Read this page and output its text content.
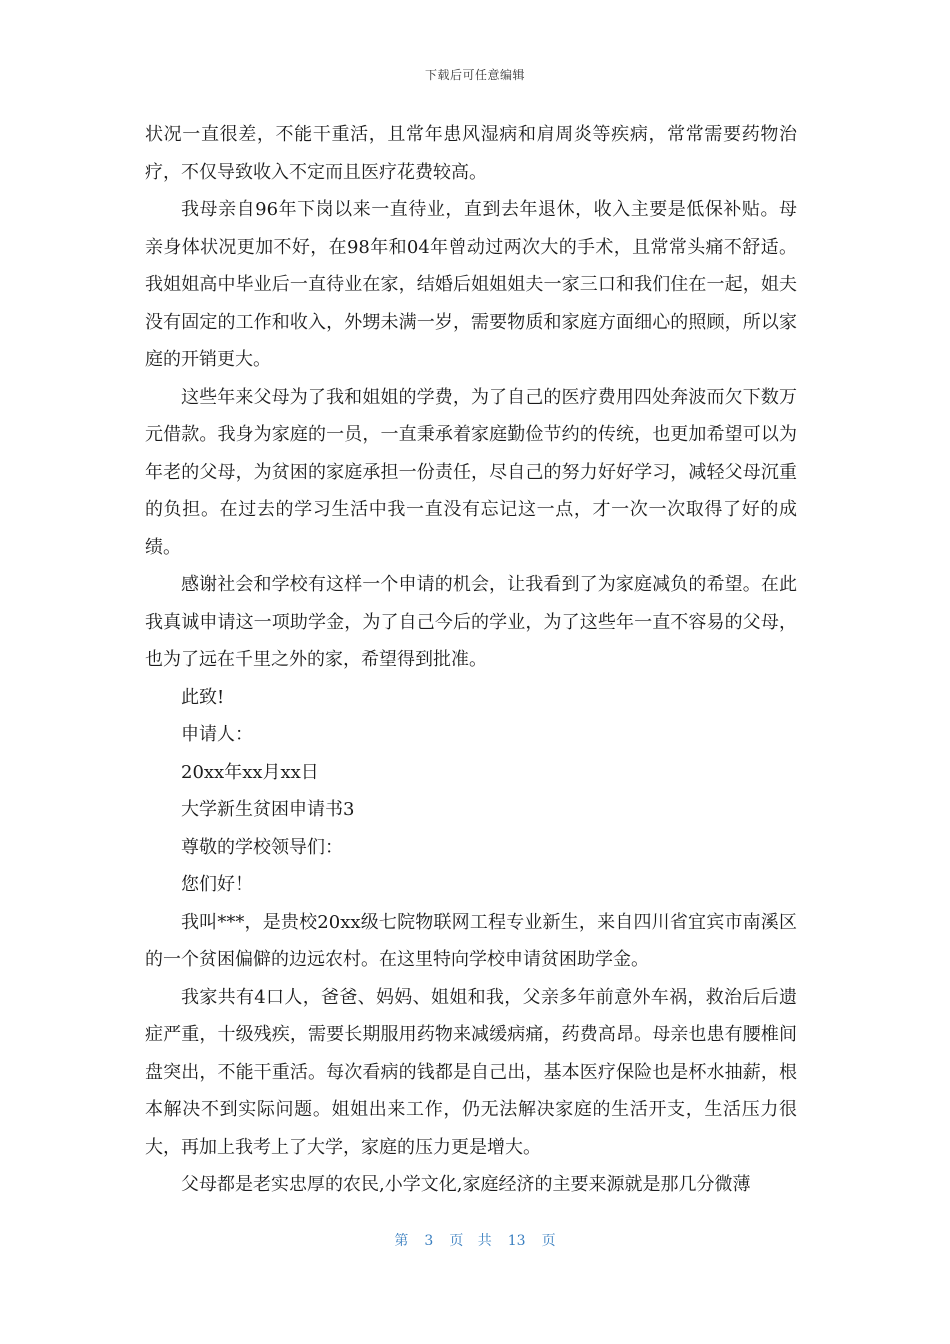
下载后可任意编辑

状况一直很差，不能干重活，且常年患风湿病和肩周炎等疾病，常常需要药物治疗，不仅导致收入不定而且医疗花费较高。

我母亲自96年下岗以来一直待业，直到去年退休，收入主要是低保补贴。母亲身体状况更加不好，在98年和04年曾动过两次大的手术，且常常头痛不舒适。我姐姐高中毕业后一直待业在家，结婚后姐姐姐夫一家三口和我们住在一起，姐夫没有固定的工作和收入，外甥未满一岁，需要物质和家庭方面细心的照顾，所以家庭的开销更大。

这些年来父母为了我和姐姐的学费，为了自己的医疗费用四处奔波而欠下数万元借款。我身为家庭的一员，一直秉承着家庭勤俭节约的传统，也更加希望可以为年老的父母，为贫困的家庭承担一份责任，尽自己的努力好好学习，减轻父母沉重的负担。在过去的学习生活中我一直没有忘记这一点，才一次一次取得了好的成绩。

感谢社会和学校有这样一个申请的机会，让我看到了为家庭减负的希望。在此我真诚申请这一项助学金，为了自己今后的学业，为了这些年一直不容易的父母，也为了远在千里之外的家，希望得到批准。

此致!

申请人：

20xx年xx月xx日

大学新生贫困申请书3

尊敬的学校领导们：

您们好！

我叫***，是贵校20xx级七院物联网工程专业新生，来自四川省宜宾市南溪区的一个贫困偏僻的边远农村。在这里特向学校申请贫困助学金。

我家共有4口人，爸爸、妈妈、姐姐和我，父亲多年前意外车祸，救治后后遗症严重，十级残疾，需要长期服用药物来减缓病痛，药费高昂。母亲也患有腰椎间盘突出，不能干重活。每次看病的钱都是自己出，基本医疗保险也是杯水抽薪，根本解决不到实际问题。姐姐出来工作，仍无法解决家庭的生活开支，生活压力很大，再加上我考上了大学，家庭的压力更是增大。

父母都是老实忠厚的农民,小学文化,家庭经济的主要来源就是那几分微薄

第 3 页 共 13 页
